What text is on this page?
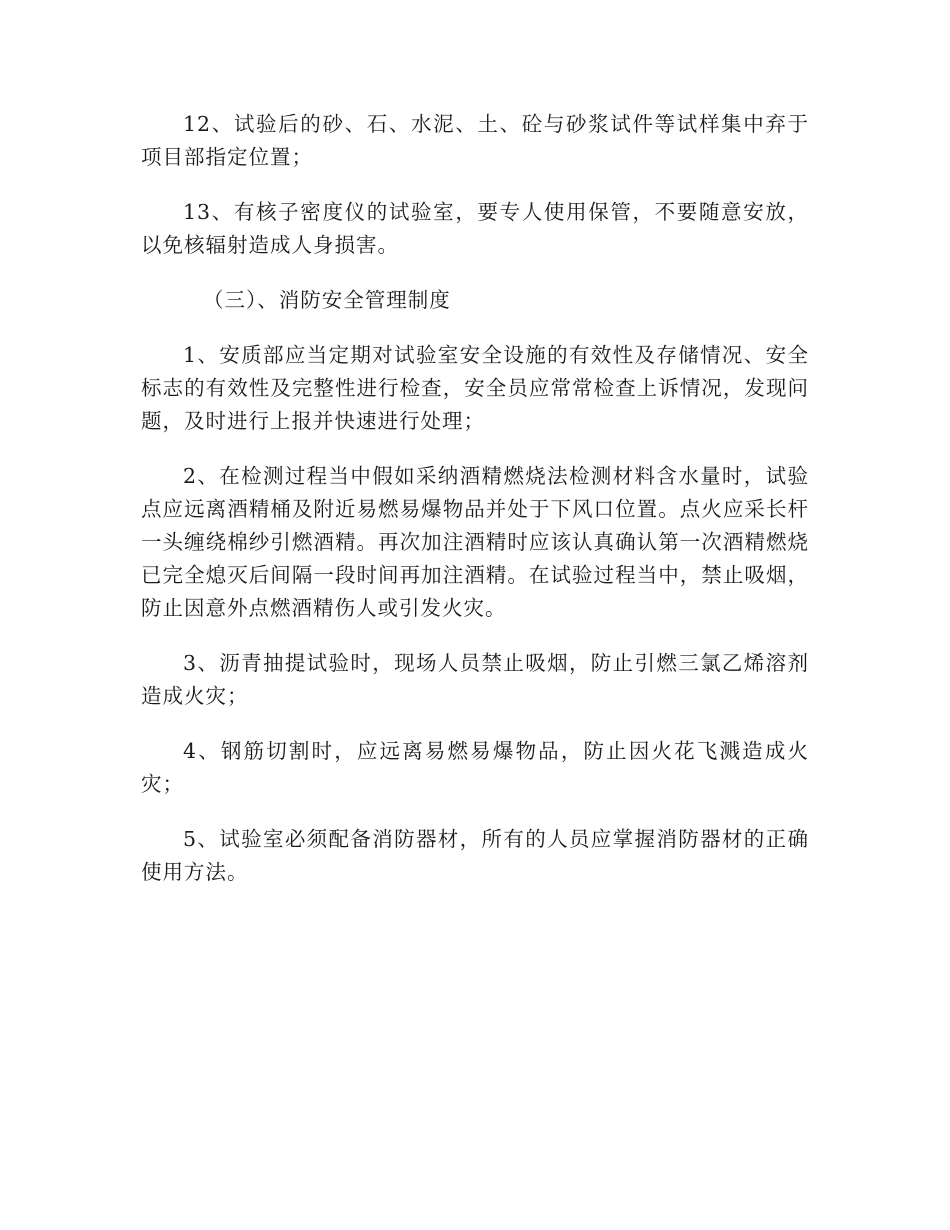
12、试验后的砂、石、水泥、土、砼与砂浆试件等试样集中弃于项目部指定位置；

13、有核子密度仪的试验室，要专人使用保管，不要随意安放，以免核辐射造成人身损害。

（三）、消防安全管理制度

1、安质部应当定期对试验室安全设施的有效性及存储情况、安全标志的有效性及完整性进行检查，安全员应常常检查上诉情况，发现问题，及时进行上报并快速进行处理；

2、在检测过程当中假如采纳酒精燃烧法检测材料含水量时，试验点应远离酒精桶及附近易燃易爆物品并处于下风口位置。点火应采长杆一头缠绕棉纱引燃酒精。再次加注酒精时应该认真确认第一次酒精燃烧已完全熄灭后间隔一段时间再加注酒精。在试验过程当中，禁止吸烟，防止因意外点燃酒精伤人或引发火灾。

3、沥青抽提试验时，现场人员禁止吸烟，防止引燃三氯乙烯溶剂造成火灾；

4、钢筋切割时，应远离易燃易爆物品，防止因火花飞溅造成火灾；

5、试验室必须配备消防器材，所有的人员应掌握消防器材的正确使用方法。
